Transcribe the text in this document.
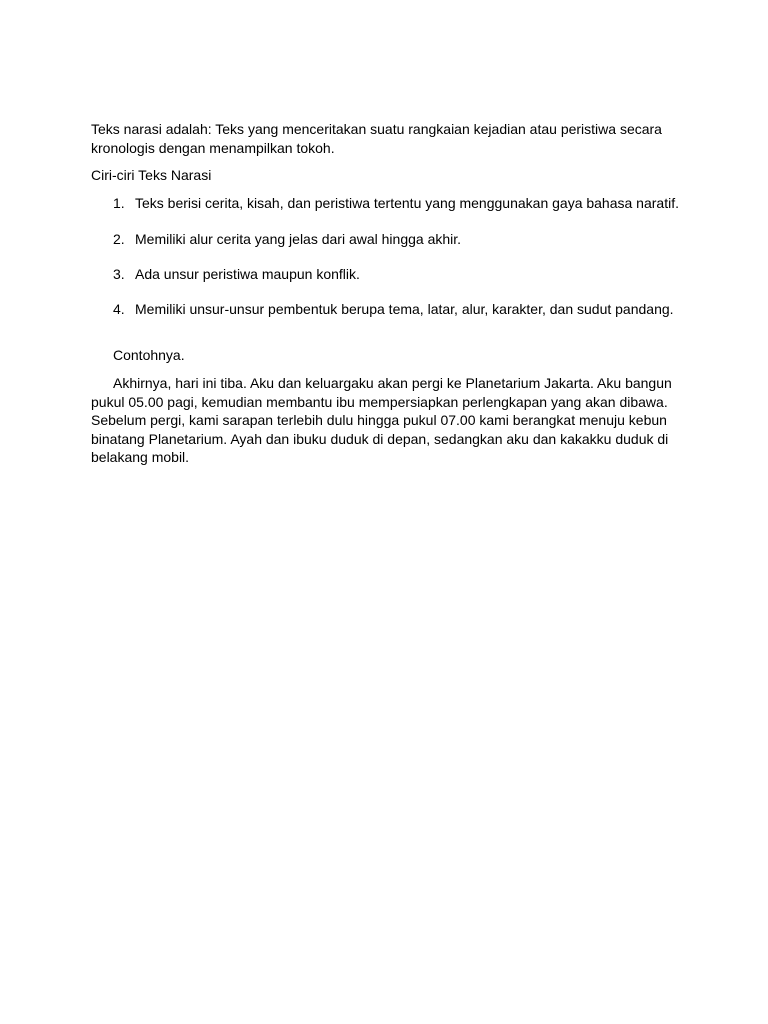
Teks narasi adalah: Teks yang menceritakan suatu rangkaian kejadian atau peristiwa secara
kronologis dengan menampilkan tokoh.
Ciri-ciri Teks Narasi
1. Teks berisi cerita, kisah, dan peristiwa tertentu yang menggunakan gaya bahasa naratif.
2. Memiliki alur cerita yang jelas dari awal hingga akhir.
3. Ada unsur peristiwa maupun konflik.
4. Memiliki unsur-unsur pembentuk berupa tema, latar, alur, karakter, dan sudut pandang.
Contohnya.
Akhirnya, hari ini tiba. Aku dan keluargaku akan pergi ke Planetarium Jakarta. Aku bangun
pukul 05.00 pagi, kemudian membantu ibu mempersiapkan perlengkapan yang akan dibawa.
Sebelum pergi, kami sarapan terlebih dulu hingga pukul 07.00 kami berangkat menuju kebun
binatang Planetarium. Ayah dan ibuku duduk di depan, sedangkan aku dan kakakku duduk di
belakang mobil.
